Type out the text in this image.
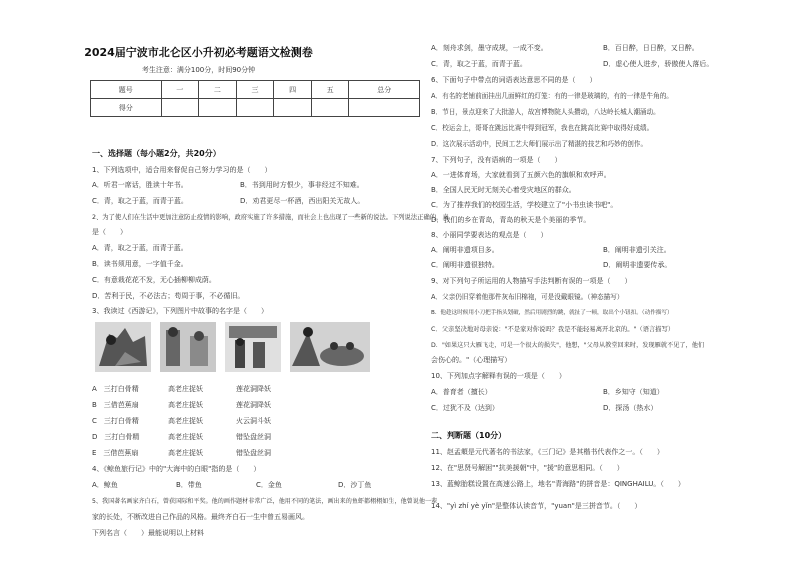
2024届宁波市北仑区小升初必考题语文检测卷
考生注意：满分100分，时间90分钟
题号	一	二	三	四	五	总分
得分						
一、选择题（每小题2分，共20分）
1、下列选项中，适合用来督促自己努力学习的是（　　）
A．听君一席话，胜读十年书。	B．书到用时方恨少，事非经过不知难。
C．青，取之于蓝，而青于蓝。	D．劝君更尽一杯酒，西出阳关无故人。
2、为了使人们在生活中更加注意防止疫情的影响，政府实施了许多措施，而社会上也出现了一些新的说法。下列说法正确的，真
是（　　）
A．青，取之于蓝，而青于蓝。
B．读书须用意，一字值千金。
C．有意栽花花不发，无心插柳柳成荫。
D．苦利于民，不必法古；苟周于事，不必循旧。
3、我读过《西游记》，下列图片中故事的名字是（　　）
A　三打白骨精	高老庄捉妖	莲花洞降妖
B　三借芭蕉扇	高老庄捉妖	莲花洞降妖
C　三打白骨精	高老庄捉妖	火云洞斗妖
D　三打白骨精	高老庄捉妖	错坠盘丝洞
E　三借芭蕉扇	高老庄捉妖	错坠盘丝洞
4、《鲸鱼旅行记》中的"大海中的白眼"指的是（　　）
A．鲸鱼	B．带鱼	C．金鱼	D．沙丁鱼
5、我国著名画家齐白石，曾获国际和平奖。他的画作题材非常广泛，他用不同的笔法，画出来的鱼虾都栩栩如生，他曾说他一辈
家的长处，不断改进自己作品的风格。最终齐白石一生中曾五易画风。
下列名言（　　）最能说明以上材料
A．刻舟求剑，墨守成规，一成不变。	B．百日醉，日日醉，又日醉。
C．青，取之于蓝，而青于蓝。	D．虚心使人进步，骄傲使人落后。
6、下面句子中带点的词语表达意思不同的是（　　）
A．有名的老铺前面挂出几面鲜红的灯笼：有的一律是玻璃的，有的一律是牛角的。
B．节日，景点迎来了大批游人，故宫博物院人头攒动，八达岭长城人潮涌动。
C．校运会上，哥哥在跳远比赛中得到冠军，我也在跳高比赛中取得好成绩。
D．这次展示活动中，民间工艺大师们展示出了精湛的技艺和巧妙的创作。
7、下列句子，没有语病的一项是（　　）
A．一进体育场，大家就看到了五颜六色的旗帜和欢呼声。
B．全国人民无时无刻关心着受灾地区的群众。
C．为了推荐我们的校园生活，学校建立了"小书虫读书吧"。
D．我们的乡在青岛，青岛的秋天是个美丽的季节。
8、小丽同学要表达的观点是（　　）
A．阐明非遗项目多。	B．阐明非遗引关注。
C．阐明非遗很独特。	D．阐明非遗要传承。
9、对下列句子所运用的人物描写手法判断有误的一项是（　　）
A．父亲仍旧穿着他那件灰布旧棉袍，可是没戴眼镜。（神态描写）
B．他趁这时候用小刀把手指头划破，然后用剧烈的跳，就扯了一顿，取出个小钮扣。（动作描写）
C．父亲坚决地对母亲说："不是家对你说吗？我是不能轻易离开北京的。"（语言描写）
D．"如果这只大雁飞走，可是一个很大的损失"，他想，"父母从教堂回来时，发现雁就不见了，他们
会伤心的。"（心理描写）
10、下列加点字解释有误的一项是（　　）
A．普育者（擅长）	B．乡知守（知道）
C．过犹不及（达到）	D．探汤（热水）
二、判断题（10分）
11、赵孟頫是元代著名的书法家，《三门记》是其楷书代表作之一。（　　）
12、在"思贤号解困""抗美援朝"中，"援"的意思相同。（　　）
13、蓝鲸胎糕设置在高速公路上，地名"青海路"的拼音是：QINGHAILU。（　　）
14、"yì zhí yè yǐn"是整体认读音节，"yuan"是三拼音节。（　　）
